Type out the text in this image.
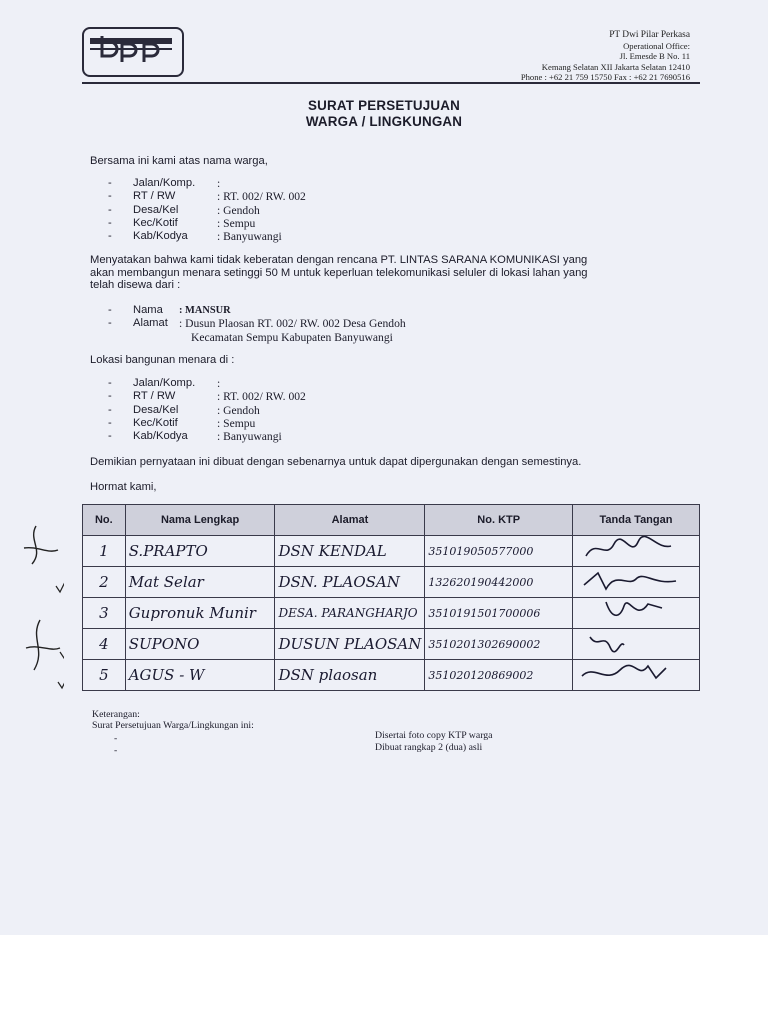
PT Dwi Pilar Perkasa
Operational Office:
Jl. Emesde B No. 11
Kemang Selatan XII Jakarta Selatan 12410
Phone : +62 21 759 15750 Fax : +62 21 7690516
SURAT PERSETUJUAN
WARGA / LINGKUNGAN
Bersama ini kami atas nama warga,
-	Jalan/Komp.	:
-	RT / RW	: RT. 002/ RW. 002
-	Desa/Kel	: Gendoh
-	Kec/Kotif	: Sempu
-	Kab/Kodya	: Banyuwangi
Menyatakan bahwa kami tidak keberatan dengan rencana PT. LINTAS SARANA KOMUNIKASI yang
akan membangun menara setinggi 50 M untuk keperluan telekomunikasi seluler di lokasi lahan yang
telah disewa dari :
-	Nama	: MANSUR
-	Alamat : Dusun Plaosan RT. 002/ RW. 002 Desa Gendoh
Kecamatan Sempu Kabupaten Banyuwangi
Lokasi bangunan menara di :
-	Jalan/Komp.	:
-	RT / RW	: RT. 002/ RW. 002
-	Desa/Kel	: Gendoh
-	Kec/Kotif	: Sempu
-	Kab/Kodya	: Banyuwangi
Demikian pernyataan ini dibuat dengan sebenarnya untuk dapat dipergunakan dengan semestinya.
Hormat kami,
No.	Nama Lengkap	Alamat	No. KTP	Tanda Tangan
1	S.PRAPTO	DSN KENDAL	351019050577000	
2	Mat Selar	DSN. PLAOSAN	132620190442000	
3	Gupronuk Munir	DESA. PARANGHARJO	3510191501700006	
4	SUPONO	DUSUN PLAOSAN	3510201302690002	
5	AGUS - W	DSN plaosan	351020120869002	
Keterangan:
Surat Persetujuan Warga/Lingkungan ini:
-
-
Disertai foto copy KTP warga
Dibuat rangkap 2 (dua) asli
